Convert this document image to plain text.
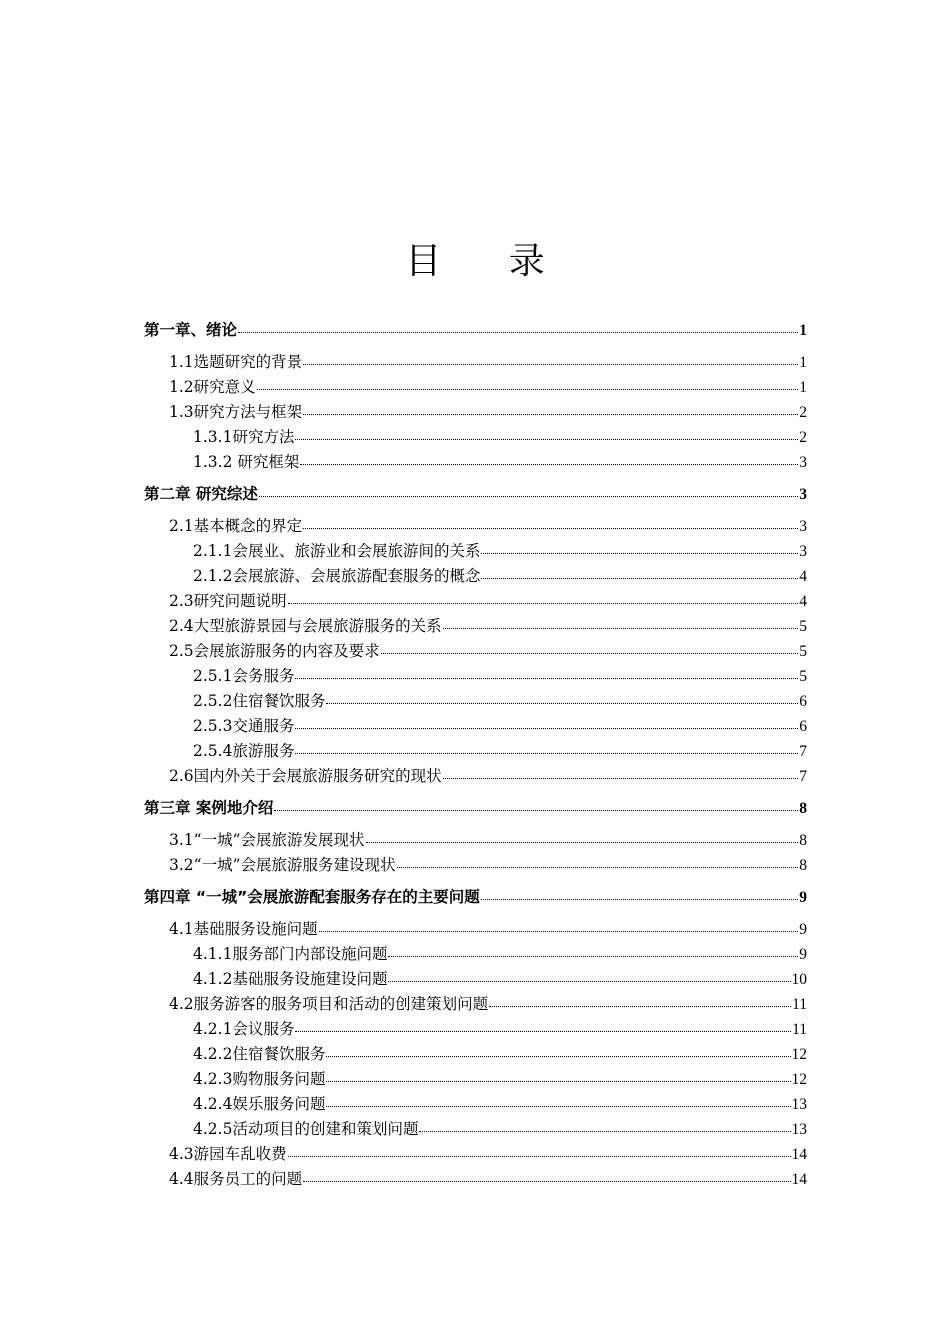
目 录
第一章、绪论	1
1.1选题研究的背景	1
1.2研究意义	1
1.3研究方法与框架	2
1.3.1研究方法	2
1.3.2 研究框架	3
第二章 研究综述	3
2.1基本概念的界定	3
2.1.1会展业、旅游业和会展旅游间的关系	3
2.1.2会展旅游、会展旅游配套服务的概念	4
2.3研究问题说明	4
2.4大型旅游景园与会展旅游服务的关系	5
2.5会展旅游服务的内容及要求	5
2.5.1会务服务	5
2.5.2住宿餐饮服务	6
2.5.3交通服务	6
2.5.4旅游服务	7
2.6国内外关于会展旅游服务研究的现状	7
第三章 案例地介绍	8
3.1“一城”会展旅游发展现状	8
3.2“一城”会展旅游服务建设现状	8
第四章 “一城”会展旅游配套服务存在的主要问题	9
4.1基础服务设施问题	9
4.1.1服务部门内部设施问题	9
4.1.2基础服务设施建设问题	10
4.2服务游客的服务项目和活动的创建策划问题	11
4.2.1会议服务	11
4.2.2住宿餐饮服务	12
4.2.3购物服务问题	12
4.2.4娱乐服务问题	13
4.2.5活动项目的创建和策划问题	13
4.3游园车乱收费	14
4.4服务员工的问题	14
